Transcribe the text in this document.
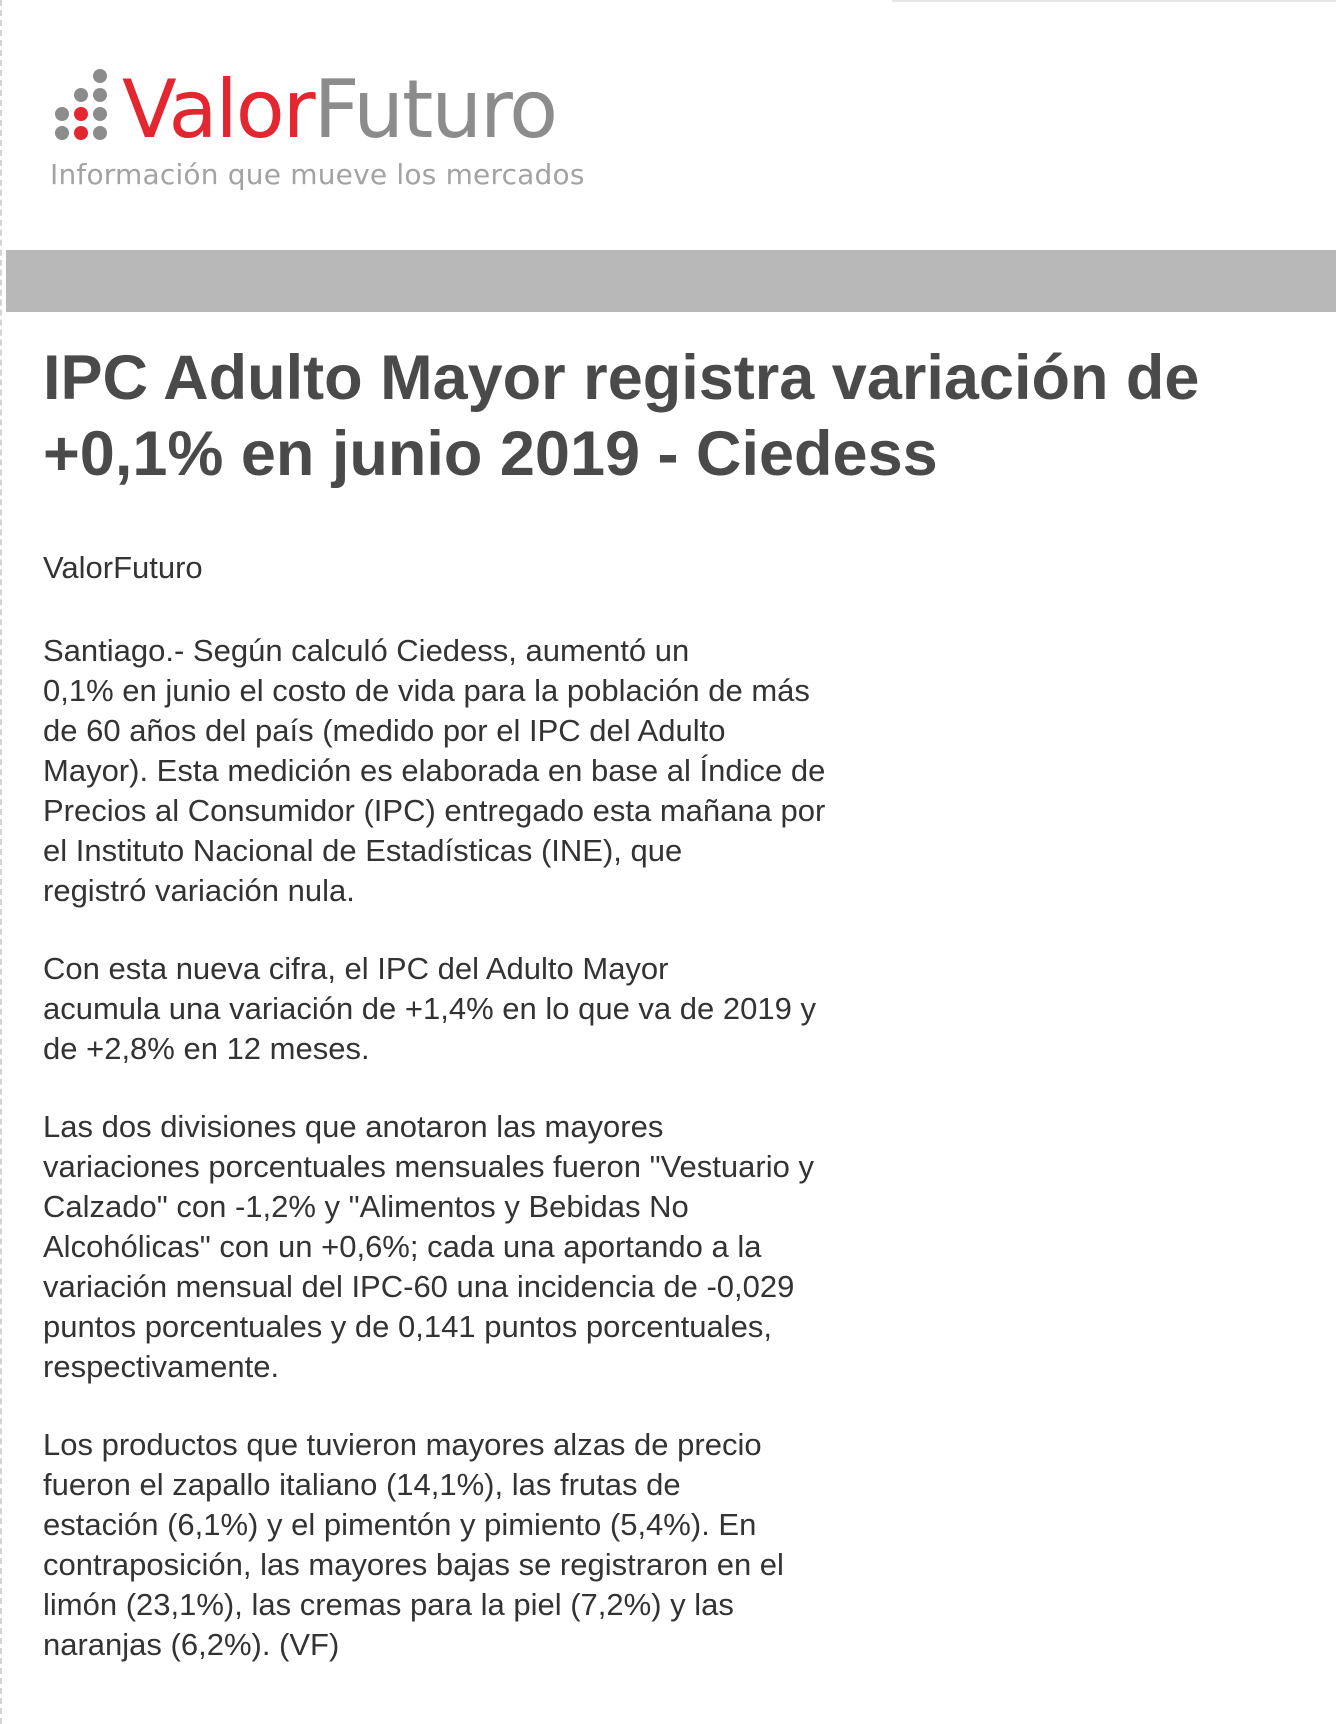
ValorFuturo
Información que mueve los mercados
IPC Adulto Mayor registra variación de
+0,1% en junio 2019 - Ciedess
ValorFuturo

Santiago.- Según calculó Ciedess, aumentó un
0,1% en junio el costo de vida para la población de más
de 60 años del país (medido por el IPC del Adulto
Mayor). Esta medición es elaborada en base al Índice de
Precios al Consumidor (IPC) entregado esta mañana por
el Instituto Nacional de Estadísticas (INE), que
registró variación nula.

Con esta nueva cifra, el IPC del Adulto Mayor
acumula una variación de +1,4% en lo que va de 2019 y
de +2,8% en 12 meses.

Las dos divisiones que anotaron las mayores
variaciones porcentuales mensuales fueron "Vestuario y
Calzado" con -1,2% y "Alimentos y Bebidas No
Alcohólicas" con un +0,6%; cada una aportando a la
variación mensual del IPC-60 una incidencia de -0,029
puntos porcentuales y de 0,141 puntos porcentuales,
respectivamente.

Los productos que tuvieron mayores alzas de precio
fueron el zapallo italiano (14,1%), las frutas de
estación (6,1%) y el pimentón y pimiento (5,4%). En
contraposición, las mayores bajas se registraron en el
limón (23,1%), las cremas para la piel (7,2%) y las
naranjas (6,2%). (VF)
